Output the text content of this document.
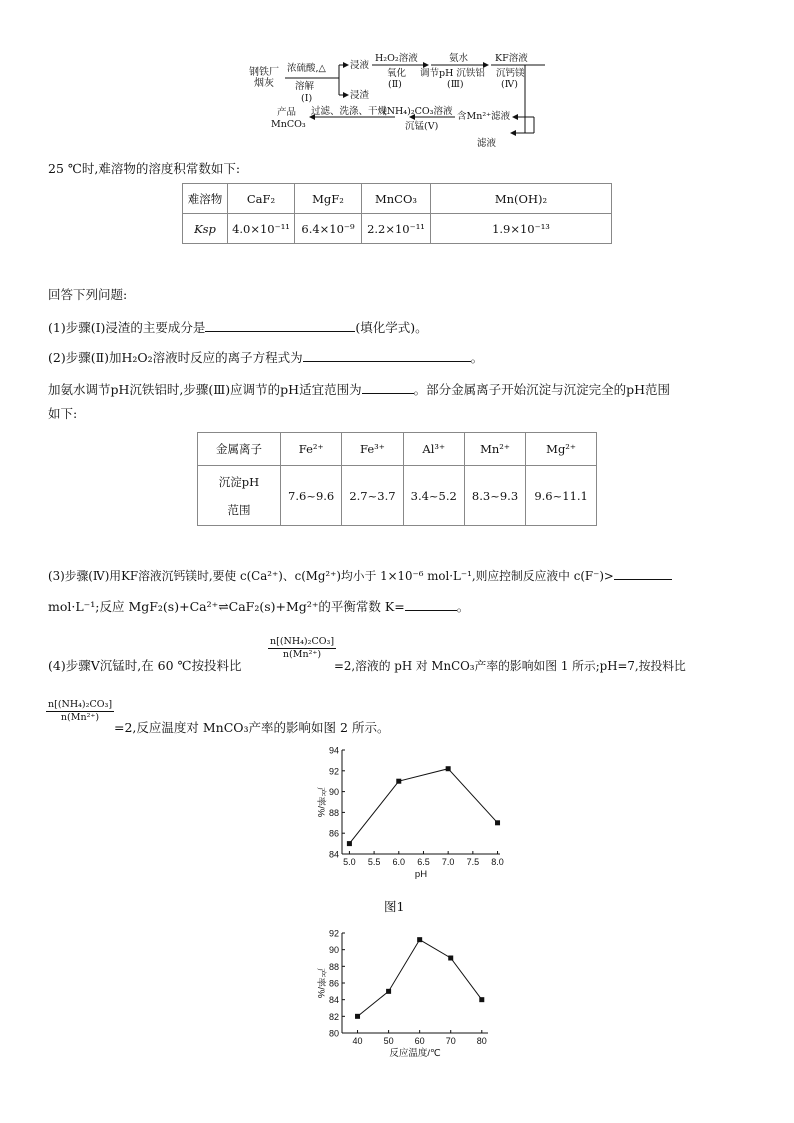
钢铁厂烟灰
浓硫酸,△
溶解
(Ⅰ)
浸液
浸渣
H₂O₂溶液
氧化
(Ⅱ)
氨水
调节pH 沉铁铝
(Ⅲ)
KF溶液
沉钙镁
(Ⅳ)
含Mn²⁺滤液
滤液
(NH₄)₂CO₃溶液
沉锰(Ⅴ)
过滤、洗涤、干燥
产品
MnCO₃
25 ℃时,难溶物的溶度积常数如下:
难溶物	CaF₂	MgF₂	MnCO₃	Mn(OH)₂
Ksp	4.0×10⁻¹¹	6.4×10⁻⁹	2.2×10⁻¹¹	1.9×10⁻¹³
回答下列问题:
(1)步骤(Ⅰ)浸渣的主要成分是	(填化学式)。
(2)步骤(Ⅱ)加H₂O₂溶液时反应的离子方程式为	。
加氨水调节pH沉铁铝时,步骤(Ⅲ)应调节的pH适宜范围为	。部分金属离子开始沉淀与沉淀完全的pH范围
如下:
金属离子	Fe²⁺	Fe³⁺	Al³⁺	Mn²⁺	Mg²⁺

沉淀pH
范围	7.6~9.6	2.7~3.7	3.4~5.2	8.3~9.3	9.6~11.1
(3)步骤(Ⅳ)用KF溶液沉钙镁时,要使 c(Ca²⁺)、c(Mg²⁺)均小于 1×10⁻⁶ mol·L⁻¹,则应控制反应液中 c(F⁻)>
mol·L⁻¹;反应 MgF₂(s)+Ca²⁺⇌CaF₂(s)+Mg²⁺的平衡常数 K=	。
(4)步骤Ⅴ沉锰时,在 60 ℃按投料比
$\frac{\text{n[(NH₄)₂CO₃]}}{\text{n(Mn²⁺)}}$
=2,溶液的 pH 对 MnCO₃产率的影响如图 1 所示;pH=7,按投料比
$\frac{\text{n[(NH₄)₂CO₃]}}{\text{n(Mn²⁺)}}$
=2,反应温度对 MnCO₃产率的影响如图 2 所示。
84
86
88
90
92
94
5.0 5.5 6.0 6.5 7.0 7.5 8.0
pH
产率/%
图1
80
82
84
86
88
90
92
40 50 60 70 80
反应温度/℃
产率/%
